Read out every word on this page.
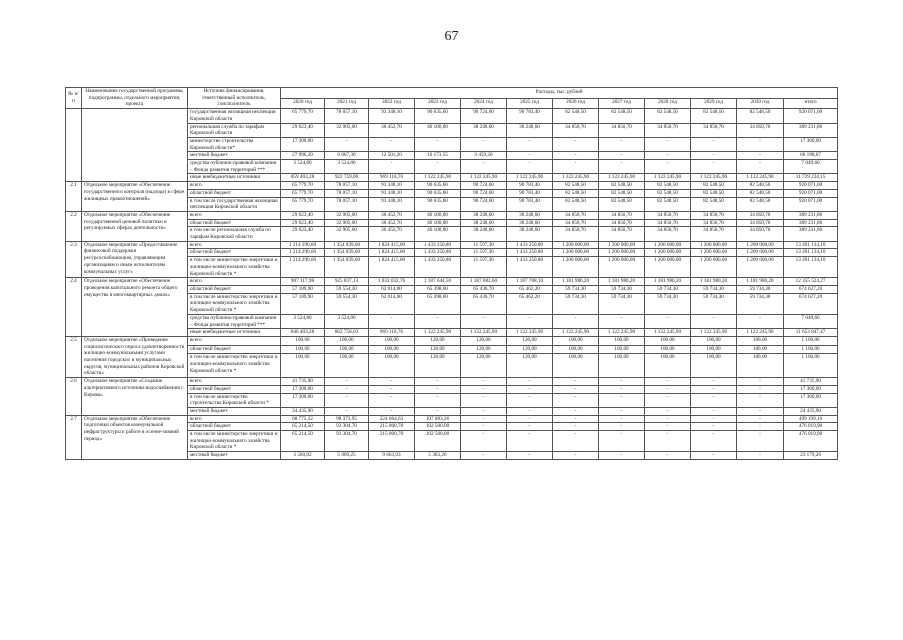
67
№ п/п	Наименование государственной программы, подпрограммы, отдельного мероприятия, проекта	Источник финансирования, ответственный исполнитель, соисполнитель	Расходы, тыс. рублей											
			2020 год	2021 год	2022 год	2023 год	2024 год	2025 год	2026 год	2027 год	2028 год	2029 год	2030 год	итого
		государственная жилищная инспекция Кировской области	65 779,70	78 057,10	93 348,10	90 635,60	90 724,60	90 783,40	82 548,50	82 548,50	82 548,50	82 548,50	82 548,50	920 071,00
		региональная служба по тарифам Кировской области	29 023,40	32 905,00	36 452,70	40 100,00	38 248,60	38 248,60	34 850,70	34 850,70	34 850,70	34 850,70	34 850,70	389 231,80
		министерство строительства Кировской области*	17 300,00	-	-	-	-	-	-	-	-	-	-	17 300,00
		местный бюджет	27 996,39	6 067,30	12 501,20	10 173,55	3 459,20	-	-	-	-	-	-	60 198,67
		средства публично-правовой компании – Фонда развития территорий ***	3 524,80	3 524,80	-	-	-	-	-	-	-	-	-	7 049,60
		иные внебюджетные источники	859 403,28	922 759,00	969 118,76	1 122 245,90	1 122 245,90	1 122 245,90	1 122 245,90	1 122 245,90	1 122 245,90	1 122 245,90	1 122 245,90	11 729 234,15
2.1	Отдельное мероприятие «Обеспечение государственного контроля (надзора) в сфере жилищных правоотношений»	всего	65 779,70	78 057,10	93 348,10	90 635,60	90 724,60	90 783,40	82 548,50	82 548,50	82 548,50	82 548,50	82 548,50	920 071,00
		областной бюджет	65 779,70	78 057,10	93 348,10	90 635,60	90 724,60	90 783,40	82 548,50	82 548,50	82 548,50	82 548,50	82 548,50	920 071,00
		в том числе государственная жилищная инспекция Кировской области	65 779,70	78 057,10	93 348,10	90 635,60	90 724,60	90 783,40	82 548,50	82 548,50	82 548,50	82 548,50	82 548,50	920 071,00
2.2	Отдельное мероприятие «Обеспечение государственной ценовой политики в регулируемых сферах деятельности»	всего	29 023,40	32 905,00	36 452,70	40 100,00	38 248,60	38 248,60	34 850,70	34 850,70	34 850,70	34 850,70	34 850,70	389 231,80
		областной бюджет	29 023,40	32 905,00	36 452,70	40 100,00	38 248,60	38 248,60	34 850,70	34 850,70	34 850,70	34 850,70	34 850,70	389 231,80
		в том числе региональная служба по тарифам Кировской области	29 023,40	32 905,00	36 452,70	40 100,00	38 248,60	38 248,60	34 850,70	34 850,70	34 850,70	34 850,70	34 850,70	389 231,80
2.3	Отдельное мероприятие «Предоставление финансовой поддержки ресурсоснабжающим, управляющим организациям и иным исполнителям коммунальных услуг»	всего	1 214 290,60	1 354 839,60	1 824 415,00	1 433 250,80	11 597,30	1 433 250,80	1 200 000,00	1 200 000,00	1 200 000,00	1 200 000,00	1 200 000,00	13 491 134,10
		областной бюджет	1 214 290,60	1 354 839,60	1 824 415,00	1 433 250,80	11 597,30	1 433 250,80	1 200 000,00	1 200 000,00	1 200 000,00	1 200 000,00	1 200 000,00	13 491 134,10
		в том числе министерство энергетики и жилищно-коммунального хозяйства Кировской области *	1 214 290,60	1 354 839,60	1 824 415,00	1 433 250,80	11 597,30	1 433 250,80	1 200 000,00	1 200 000,00	1 200 000,00	1 200 000,00	1 200 000,00	13 491 134,10
2.4	Отдельное мероприятие «Обеспечение проведения капитального ремонта общего имущества в многоквартирных домах»	всего	907 117,98	925 837,13	1 032 032,76	1 187 644,50	1 187 682,60	1 187 708,10	1 181 980,20	1 181 980,20	1 181 980,20	1 181 980,20	1 181 980,20	12 355 524,27
		областной бюджет	57 189,90	59 554,30	62 914,00	65 398,60	65 436,70	65 462,20	59 734,30	59 734,30	59 734,30	59 734,30	59 734,30	674 627,20
		в том числе министерство энергетики и жилищно-коммунального хозяйства Кировской области *	57 189,90	59 554,30	62 914,00	65 398,60	65 436,70	65 462,20	59 734,30	59 734,30	59 734,30	59 734,30	59 734,30	674 627,20
		средства публично-правовой компании – Фонда развития территорий ***	3 524,80	3 524,80	-	-	-	-	-	-	-	-	-	7 049,60
		иные внебюджетные источники	846 403,28	862 758,03	969 118,76	1 122 245,90	1 122 245,90	1 122 245,90	1 122 245,90	1 122 245,90	1 122 245,90	1 122 245,90	1 122 245,90	11 653 847,47
2.5	Отдельное мероприятие «Проведение социологического опроса удовлетворенности жилищно-коммунальными услугами населения городских и муниципальных округов, муниципальных районов Кировской области»	всего	100,00	100,00	100,00	120,00	120,00	120,00	100,00	100,00	100,00	100,00	100,00	1 160,00
		областной бюджет	100,00	100,00	100,00	120,00	120,00	120,00	100,00	100,00	100,00	100,00	100,00	1 160,00
		в том числе министерство энергетики и жилищно-коммунального хозяйства Кировской области *	100,00	100,00	100,00	120,00	120,00	120,00	100,00	100,00	100,00	100,00	100,00	1 160,00
2.6	Отдельное мероприятие «Создание альтернативного источника водоснабжения г. Кирова»	всего	41 735,90	-	-	-	-	-	-	-	-	-	-	41 735,90
		областной бюджет	17 300,00	-	-	-	-	-	-	-	-	-	-	17 300,00
		в том числе министерство строительства Кировской области *	17 300,00	-	-	-	-	-	-	-	-	-	-	17 300,00
		местный бюджет	24 435,90	-	-	-	-	-	-	-	-	-	-	24 435,90
2.7	Отдельное мероприятие «Обеспечение подготовки объектов коммунальной инфраструктуры к работе в осенне-зимний период»	всего	68 775,32	98 373,95	224 664,63	107 883,26	-	-	-	-	-	-	-	499 199,16
		областной бюджет	65 214,50	93 304,70	215 000,70	102 500,00	-	-	-	-	-	-	-	476 019,90
		в том числе министерство энергетики и жилищно-коммунального хозяйства Кировской области *	65 214,50	93 304,70	215 000,70	102 500,00	-	-	-	-	-	-	-	476 019,90
		местный бюджет	3 560,82	5 069,25	9 663,93	5 383,26	-	-	-	-	-	-	-	23 179,26
